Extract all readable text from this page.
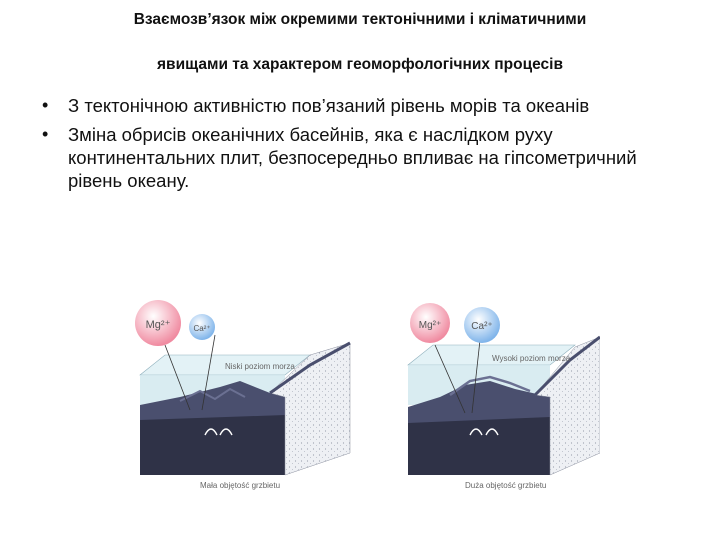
Взаємозв’язок між окремими тектонічними і кліматичними
явищами та характером геоморфологічних процесів
• З тектонічною активністю пов’язаний рівень морів та океанів
• Зміна обрисів океанічних басейнів, яка є наслідком руху континентальних плит, безпосередньо впливає на гіпсометричний рівень океану.
Mg²⁺	Ca²⁺
Niski poziom morza
Mała objętość grzbietu
Mg²⁺	Ca²⁺
Wysoki poziom morza
Duża objętość grzbietu
